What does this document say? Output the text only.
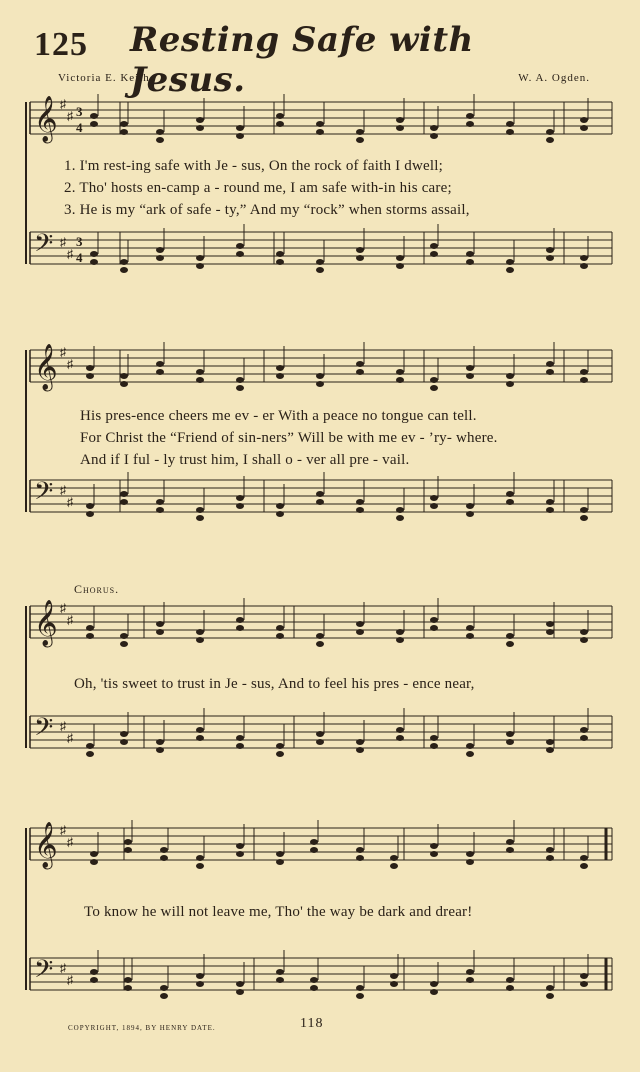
125 Resting Safe with Jesus.
Victoria E. Keith.	W. A. Ogden.
𝄞 ♯
♯
𝄢 ♯
♯
3
4
3
4
1. I'm rest-ing safe with Je - sus, On the rock of faith I dwell;
2. Tho' hosts en-camp a - round me, I am safe with-in his care;
3. He is my “ark of safe - ty,” And my “rock” when storms assail,
𝄞 ♯
♯
𝄢 ♯
♯
His pres-ence cheers me ev - er With a peace no tongue can tell.
For Christ the “Friend of sin-ners” Will be with me ev - ’ry- where.
And if I ful - ly trust him, I shall o - ver all pre - vail.
Chorus.
𝄞 ♯
♯
𝄢 ♯
♯
Oh, 'tis sweet to trust in Je - sus, And to feel his pres - ence near,
𝄞 ♯
♯
𝄢 ♯
♯
To know he will not leave me, Tho' the way be dark and drear!
COPYRIGHT, 1894, BY HENRY DATE.	118
